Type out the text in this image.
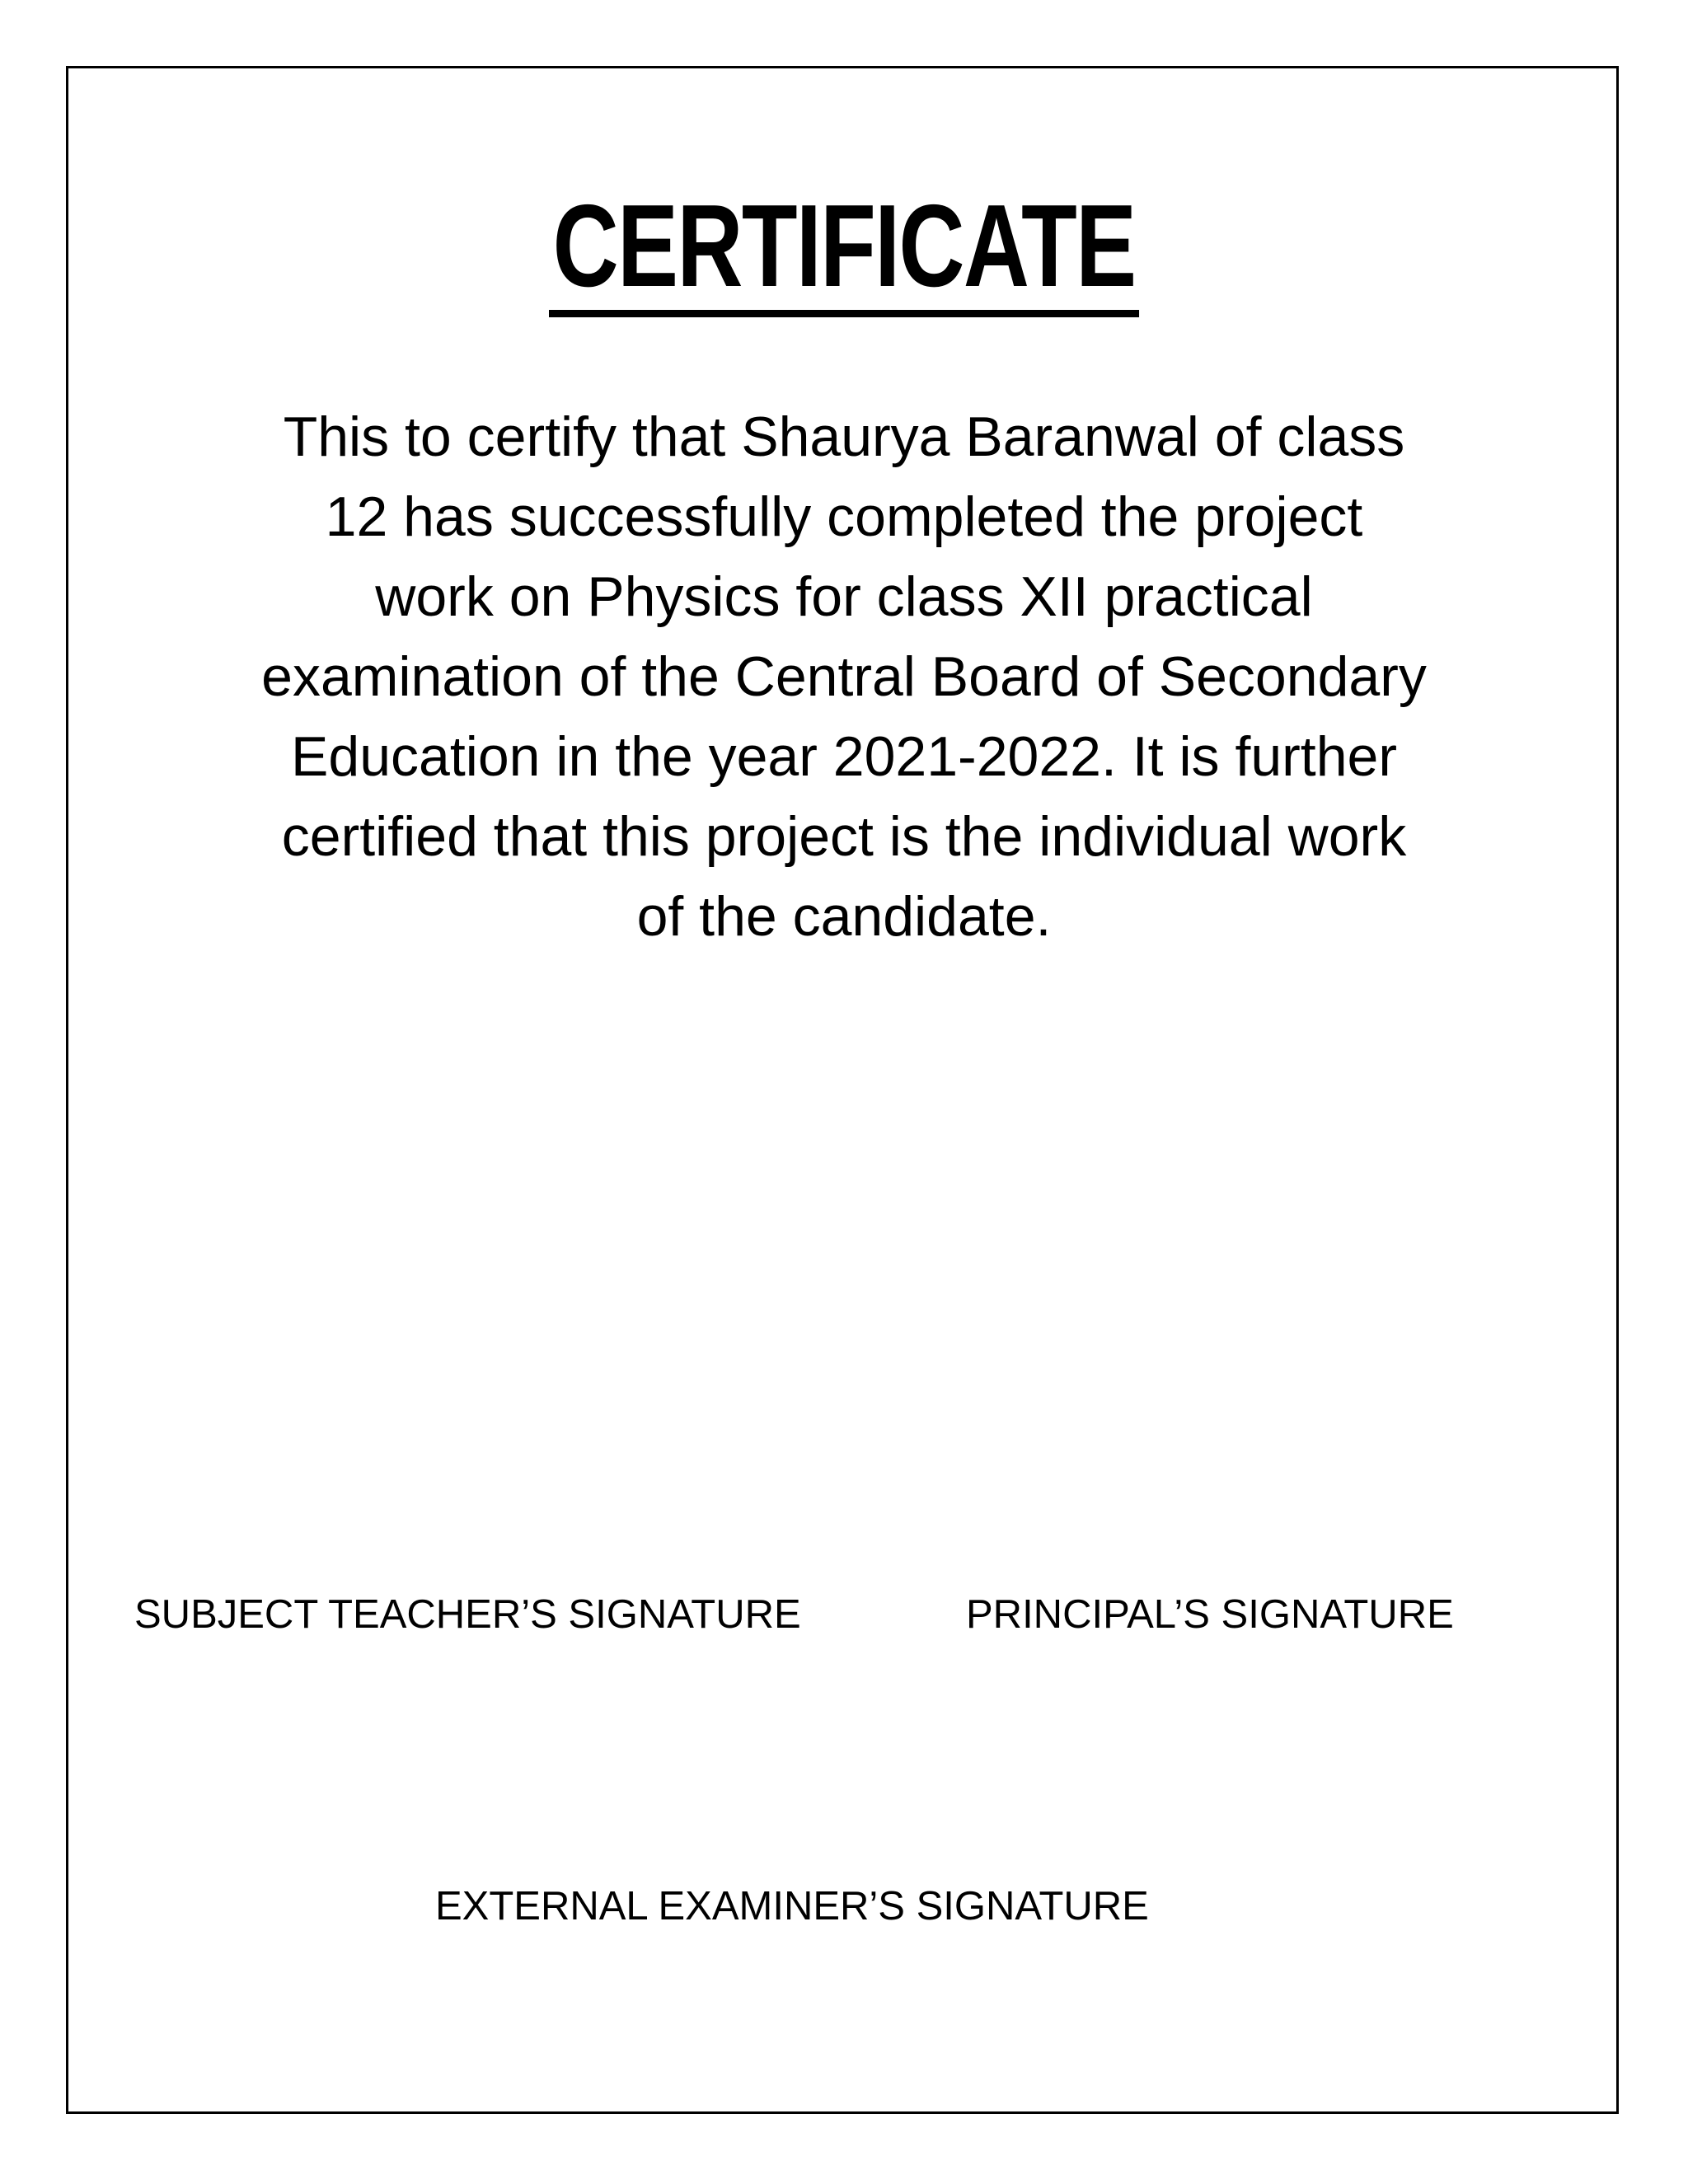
CERTIFICATE
This to certify that Shaurya Baranwal of class
12 has successfully completed the project
work on Physics for class XII practical
examination of the Central Board of Secondary
Education in the year 2021-2022. It is further
certified that this project is the individual work
of the candidate.
SUBJECT TEACHER’S SIGNATURE	PRINCIPAL’S SIGNATURE
EXTERNAL EXAMINER’S SIGNATURE
